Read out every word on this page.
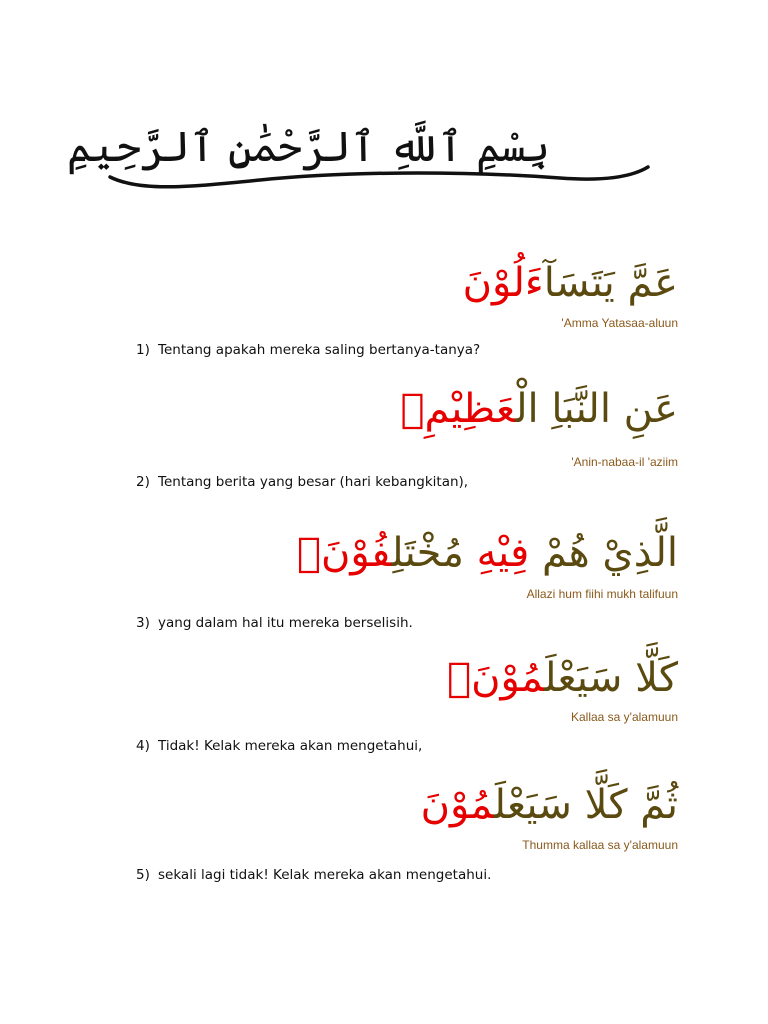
بِسْمِ ٱللَّهِ ٱلرَّحْمَٰنِ ٱلرَّحِيمِ
عَمَّ يَتَسَاءَلُوْنَ
'Amma Yatasaa-aluun
1) Tentang apakah mereka saling bertanya-tanya?
عَنِ النَّبَاِ الْعَظِيْمِۙ
'Anin-nabaa-il 'aziim
2) Tentang berita yang besar (hari kebangkitan),
الَّذِيْ هُمْ فِيْهِ مُخْتَلِفُوْنَۗ
Allazi hum fiihi mukh talifuun
3) yang dalam hal itu mereka berselisih.
كَلَّا سَيَعْلَمُوْنَۙ
Kallaa sa y'alamuun
4) Tidak! Kelak mereka akan mengetahui,
ثُمَّ كَلَّا سَيَعْلَمُوْنَ
Thumma kallaa sa y'alamuun
5) sekali lagi tidak! Kelak mereka akan mengetahui.
